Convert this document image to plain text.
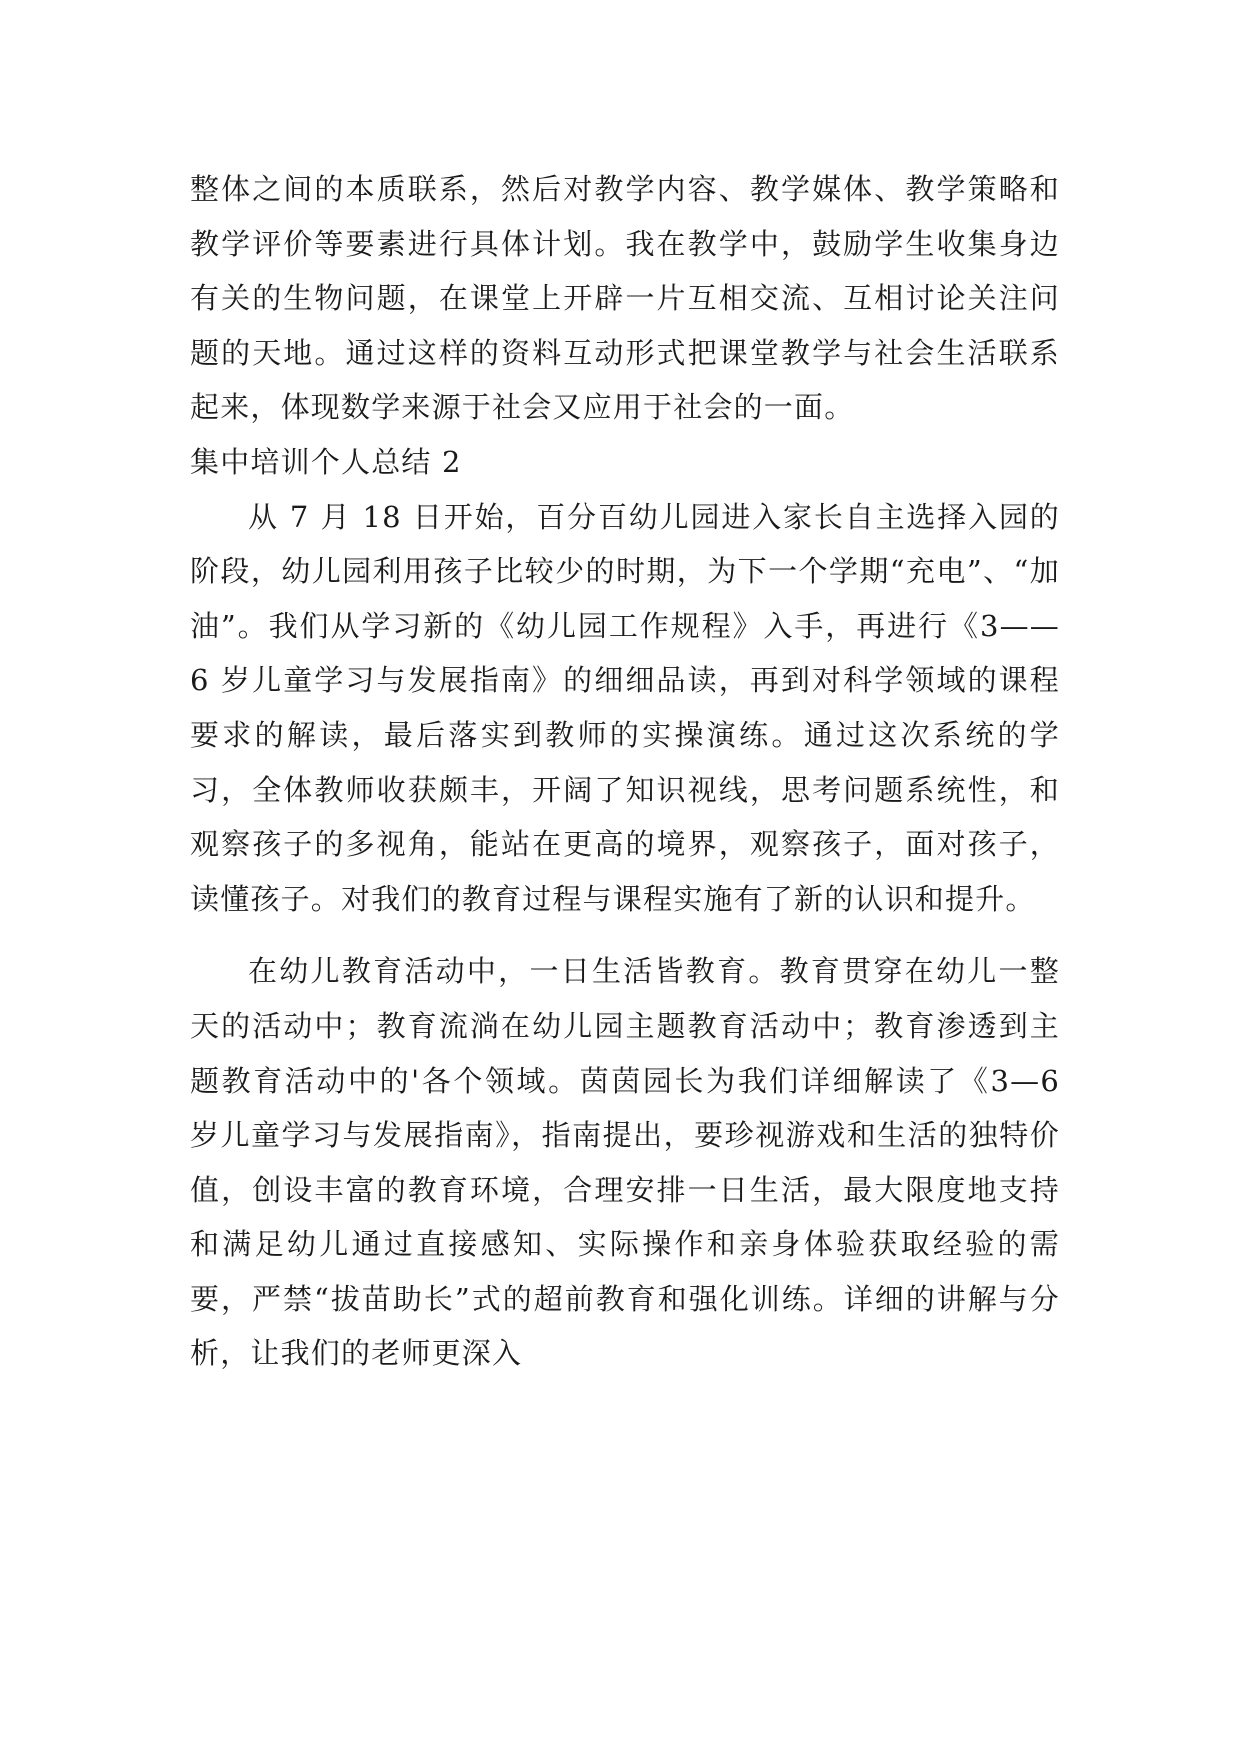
整体之间的本质联系，然后对教学内容、教学媒体、教学策略和教学评价等要素进行具体计划。我在教学中，鼓励学生收集身边有关的生物问题，在课堂上开辟一片互相交流、互相讨论关注问题的天地。通过这样的资料互动形式把课堂教学与社会生活联系起来，体现数学来源于社会又应用于社会的一面。

集中培训个人总结 2

从 7 月 18 日开始，百分百幼儿园进入家长自主选择入园的阶段，幼儿园利用孩子比较少的时期，为下一个学期“充电”、“加油”。我们从学习新的《幼儿园工作规程》入手，再进行《3——6 岁儿童学习与发展指南》的细细品读，再到对科学领域的课程要求的解读，最后落实到教师的实操演练。通过这次系统的学习，全体教师收获颇丰，开阔了知识视线，思考问题系统性，和观察孩子的多视角，能站在更高的境界，观察孩子，面对孩子，读懂孩子。对我们的教育过程与课程实施有了新的认识和提升。

在幼儿教育活动中，一日生活皆教育。教育贯穿在幼儿一整天的活动中；教育流淌在幼儿园主题教育活动中；教育渗透到主题教育活动中的'各个领域。茵茵园长为我们详细解读了《3—6 岁儿童学习与发展指南》，指南提出，要珍视游戏和生活的独特价值，创设丰富的教育环境，合理安排一日生活，最大限度地支持和满足幼儿通过直接感知、实际操作和亲身体验获取经验的需要，严禁“拔苗助长”式的超前教育和强化训练。详细的讲解与分析，让我们的老师更深入
